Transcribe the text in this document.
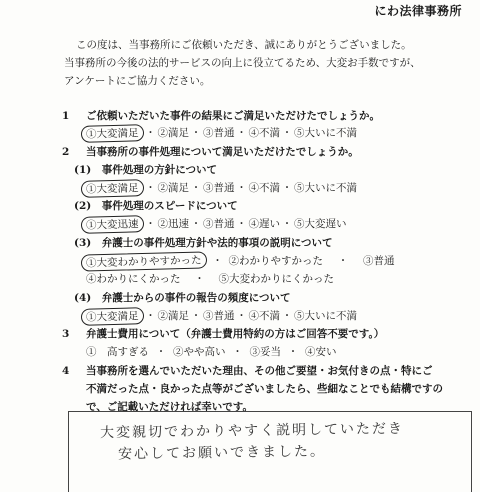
にわ法律事務所
この度は、当事務所にご依頼いただき、誠にありがとうございました。
当事務所の今後の法的サービスの向上に役立てるため、大変お手数ですが、
アンケートにご協力ください。
1 ご依頼いただいた事件の結果にご満足いただけたでしょうか。
①大変満足 ・ ②満足 ・ ③普通 ・ ④不満 ・ ⑤大いに不満
2 当事務所の事件処理について満足いただけたでしょうか。
(1)　事件処理の方針について
①大変満足 ・ ②満足 ・ ③普通 ・ ④不満 ・ ⑤大いに不満
(2)　事件処理のスピードについて
①大変迅速 ・ ②迅速 ・ ③普通 ・ ④遅い ・ ⑤大変遅い
(3)　弁護士の事件処理方針や法的事項の説明について
①大変わかりやすかった	・ ②わかりやすかった	・	③普通
④わかりにくかった	・	⑤大変わかりにくかった
(4)　弁護士からの事件の報告の頻度について
①大変満足 ・ ②満足 ・ ③普通 ・ ④不満 ・ ⑤大いに不満
3 弁護士費用について（弁護士費用特約の方はご回答不要です。）
①　高すぎる ・ ②やや高い ・ ③妥当 ・ ④安い
4 当事務所を選んでいただいた理由、その他ご要望・お気付きの点・特にご
不満だった点・良かった点等がございましたら、些細なことでも結構ですの
で、ご記載いただければ幸いです。
大変親切でわかりやすく説明していただき
安心してお願いできました。
